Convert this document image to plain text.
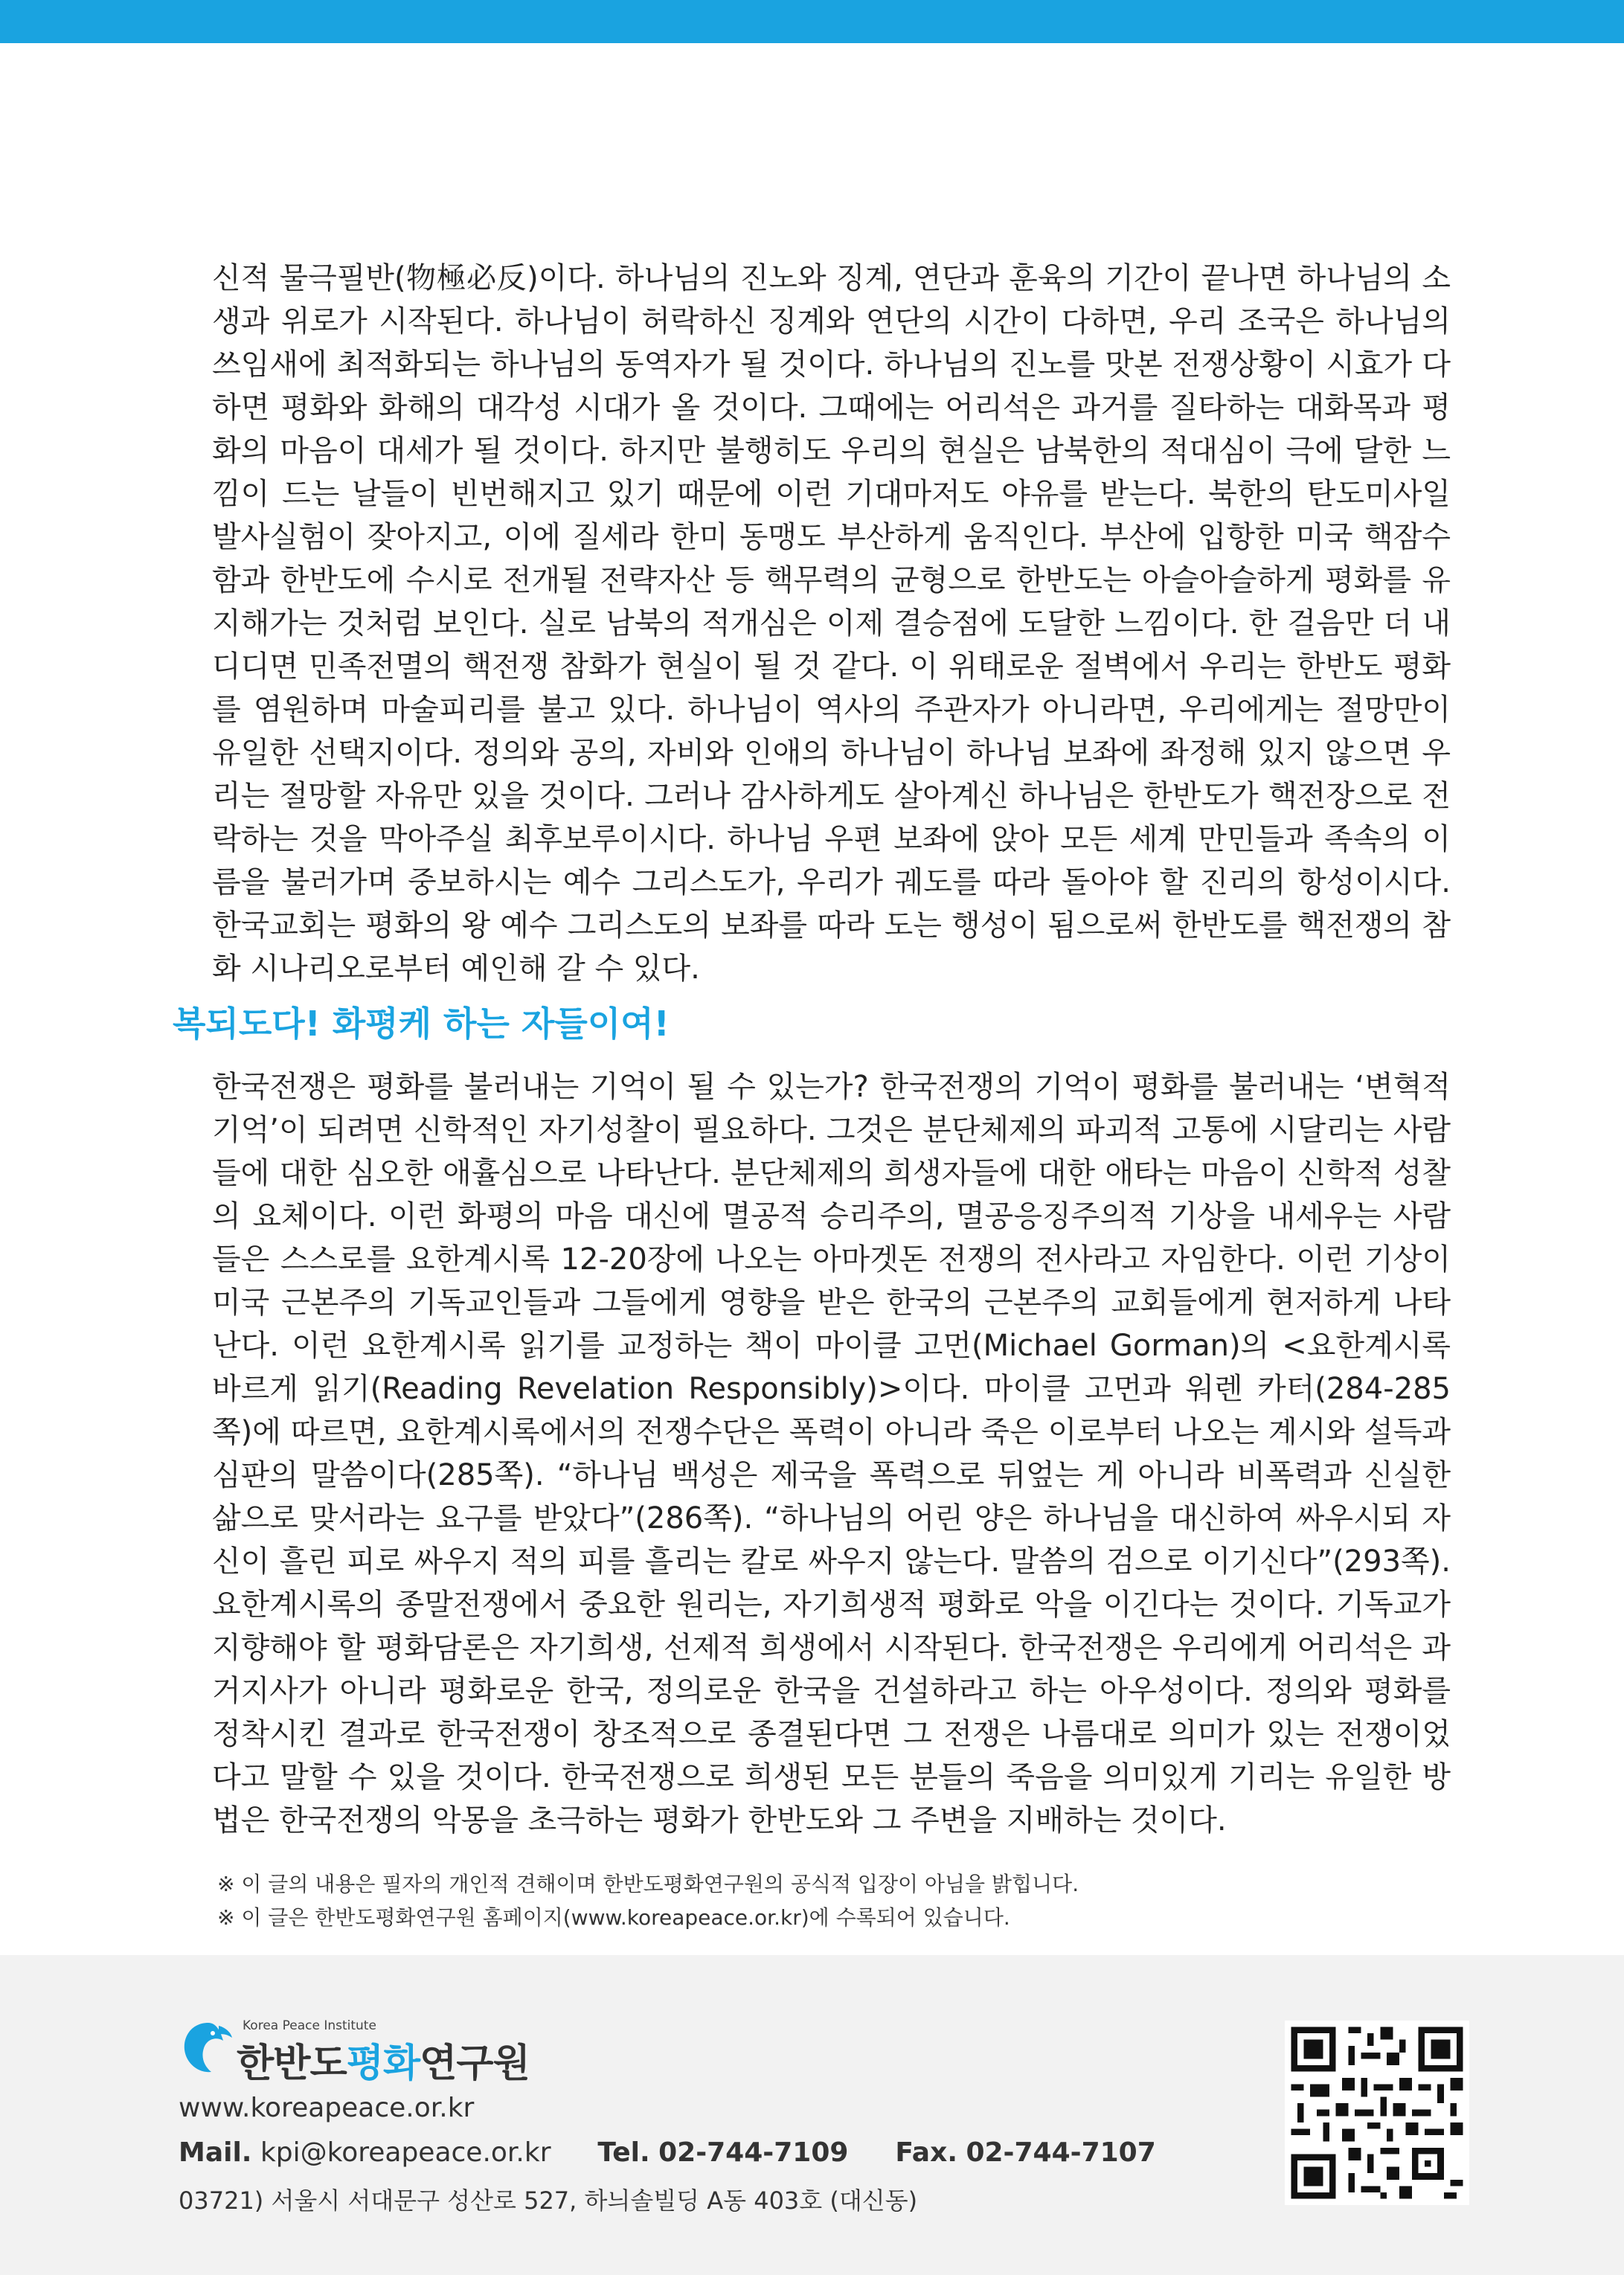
신적 물극필반(物極必反)이다. 하나님의 진노와 징계, 연단과 훈육의 기간이 끝나면 하나님의 소생과 위로가 시작된다. 하나님이 허락하신 징계와 연단의 시간이 다하면, 우리 조국은 하나님의 쓰임새에 최적화되는 하나님의 동역자가 될 것이다. 하나님의 진노를 맛본 전쟁상황이 시효가 다하면 평화와 화해의 대각성 시대가 올 것이다. 그때에는 어리석은 과거를 질타하는 대화목과 평화의 마음이 대세가 될 것이다. 하지만 불행히도 우리의 현실은 남북한의 적대심이 극에 달한 느낌이 드는 날들이 빈번해지고 있기 때문에 이런 기대마저도 야유를 받는다. 북한의 탄도미사일 발사실험이 잦아지고, 이에 질세라 한미 동맹도 부산하게 움직인다. 부산에 입항한 미국 핵잠수함과 한반도에 수시로 전개될 전략자산 등 핵무력의 균형으로 한반도는 아슬아슬하게 평화를 유지해가는 것처럼 보인다. 실로 남북의 적개심은 이제 결승점에 도달한 느낌이다. 한 걸음만 더 내디디면 민족전멸의 핵전쟁 참화가 현실이 될 것 같다. 이 위태로운 절벽에서 우리는 한반도 평화를 염원하며 마술피리를 불고 있다. 하나님이 역사의 주관자가 아니라면, 우리에게는 절망만이 유일한 선택지이다. 정의와 공의, 자비와 인애의 하나님이 하나님 보좌에 좌정해 있지 않으면 우리는 절망할 자유만 있을 것이다. 그러나 감사하게도 살아계신 하나님은 한반도가 핵전장으로 전락하는 것을 막아주실 최후보루이시다. 하나님 우편 보좌에 앉아 모든 세계 만민들과 족속의 이름을 불러가며 중보하시는 예수 그리스도가, 우리가 궤도를 따라 돌아야 할 진리의 항성이시다. 한국교회는 평화의 왕 예수 그리스도의 보좌를 따라 도는 행성이 됨으로써 한반도를 핵전쟁의 참화 시나리오로부터 예인해 갈 수 있다.

복되도다! 화평케 하는 자들이여!

한국전쟁은 평화를 불러내는 기억이 될 수 있는가? 한국전쟁의 기억이 평화를 불러내는 ‘변혁적 기억’이 되려면 신학적인 자기성찰이 필요하다. 그것은 분단체제의 파괴적 고통에 시달리는 사람들에 대한 심오한 애휼심으로 나타난다. 분단체제의 희생자들에 대한 애타는 마음이 신학적 성찰의 요체이다. 이런 화평의 마음 대신에 멸공적 승리주의, 멸공응징주의적 기상을 내세우는 사람들은 스스로를 요한계시록 12-20장에 나오는 아마겟돈 전쟁의 전사라고 자임한다. 이런 기상이 미국 근본주의 기독교인들과 그들에게 영향을 받은 한국의 근본주의 교회들에게 현저하게 나타난다. 이런 요한계시록 읽기를 교정하는 책이 마이클 고먼(Michael Gorman)의 <요한계시록 바르게 읽기(Reading Revelation Responsibly)>이다. 마이클 고먼과 워렌 카터(284-285쪽)에 따르면, 요한계시록에서의 전쟁수단은 폭력이 아니라 죽은 이로부터 나오는 계시와 설득과 심판의 말씀이다(285쪽). “하나님 백성은 제국을 폭력으로 뒤엎는 게 아니라 비폭력과 신실한 삶으로 맞서라는 요구를 받았다”(286쪽). “하나님의 어린 양은 하나님을 대신하여 싸우시되 자신이 흘린 피로 싸우지 적의 피를 흘리는 칼로 싸우지 않는다. 말씀의 검으로 이기신다”(293쪽). 요한계시록의 종말전쟁에서 중요한 원리는, 자기희생적 평화로 악을 이긴다는 것이다. 기독교가 지향해야 할 평화담론은 자기희생, 선제적 희생에서 시작된다. 한국전쟁은 우리에게 어리석은 과거지사가 아니라 평화로운 한국, 정의로운 한국을 건설하라고 하는 아우성이다. 정의와 평화를 정착시킨 결과로 한국전쟁이 창조적으로 종결된다면 그 전쟁은 나름대로 의미가 있는 전쟁이었다고 말할 수 있을 것이다. 한국전쟁으로 희생된 모든 분들의 죽음을 의미있게 기리는 유일한 방법은 한국전쟁의 악몽을 초극하는 평화가 한반도와 그 주변을 지배하는 것이다.

※ 이 글의 내용은 필자의 개인적 견해이며 한반도평화연구원의 공식적 입장이 아님을 밝힙니다.
※ 이 글은 한반도평화연구원 홈페이지(www.koreapeace.or.kr)에 수록되어 있습니다.
Korea Peace Institute
한반도평화연구원
www.koreapeace.or.kr
Mail. kpi@koreapeace.or.kr Tel. 02-744-7109 Fax. 02-744-7107
03721) 서울시 서대문구 성산로 527, 하늬솔빌딩 A동 403호 (대신동)
